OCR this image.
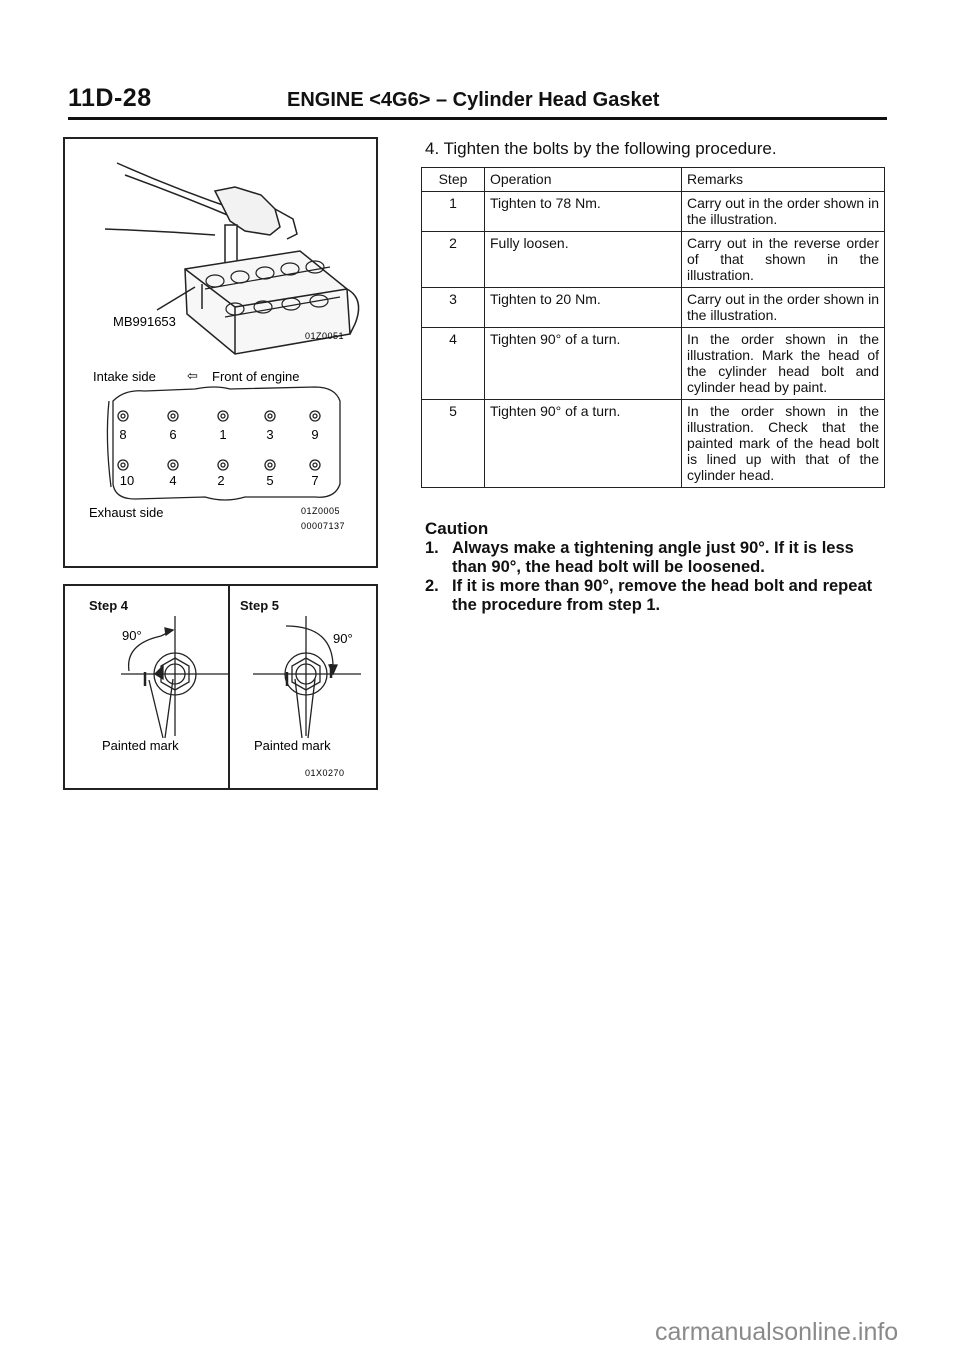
11D-28	ENGINE <4G6> – Cylinder Head Gasket
MB991653
01Z0051
Intake side ⇦ Front of engine
8	6	1	3	9
10	4	2	5	7
Exhaust side	01Z0005
00007137
Step 4	Step 5
90°	90°
Painted mark	Painted mark
01X0270
4. Tighten the bolts by the following procedure.
Step	Operation	Remarks
1	Tighten to 78 Nm.	Carry out in the order shown in the illustration.
2	Fully loosen.	Carry out in the reverse order of that shown in the illustration.
3	Tighten to 20 Nm.	Carry out in the order shown in the illustration.
4	Tighten 90° of a turn.	In the order shown in the illustration. Mark the head of the cylinder head bolt and cylinder head by paint.
5	Tighten 90° of a turn.	In the order shown in the illustration. Check that the painted mark of the head bolt is lined up with that of the cylinder head.
Caution
1. Always make a tightening angle just 90°. If it is less than 90°, the head bolt will be loosened.
2. If it is more than 90°, remove the head bolt and repeat the procedure from step 1.
carmanualsonline.info
